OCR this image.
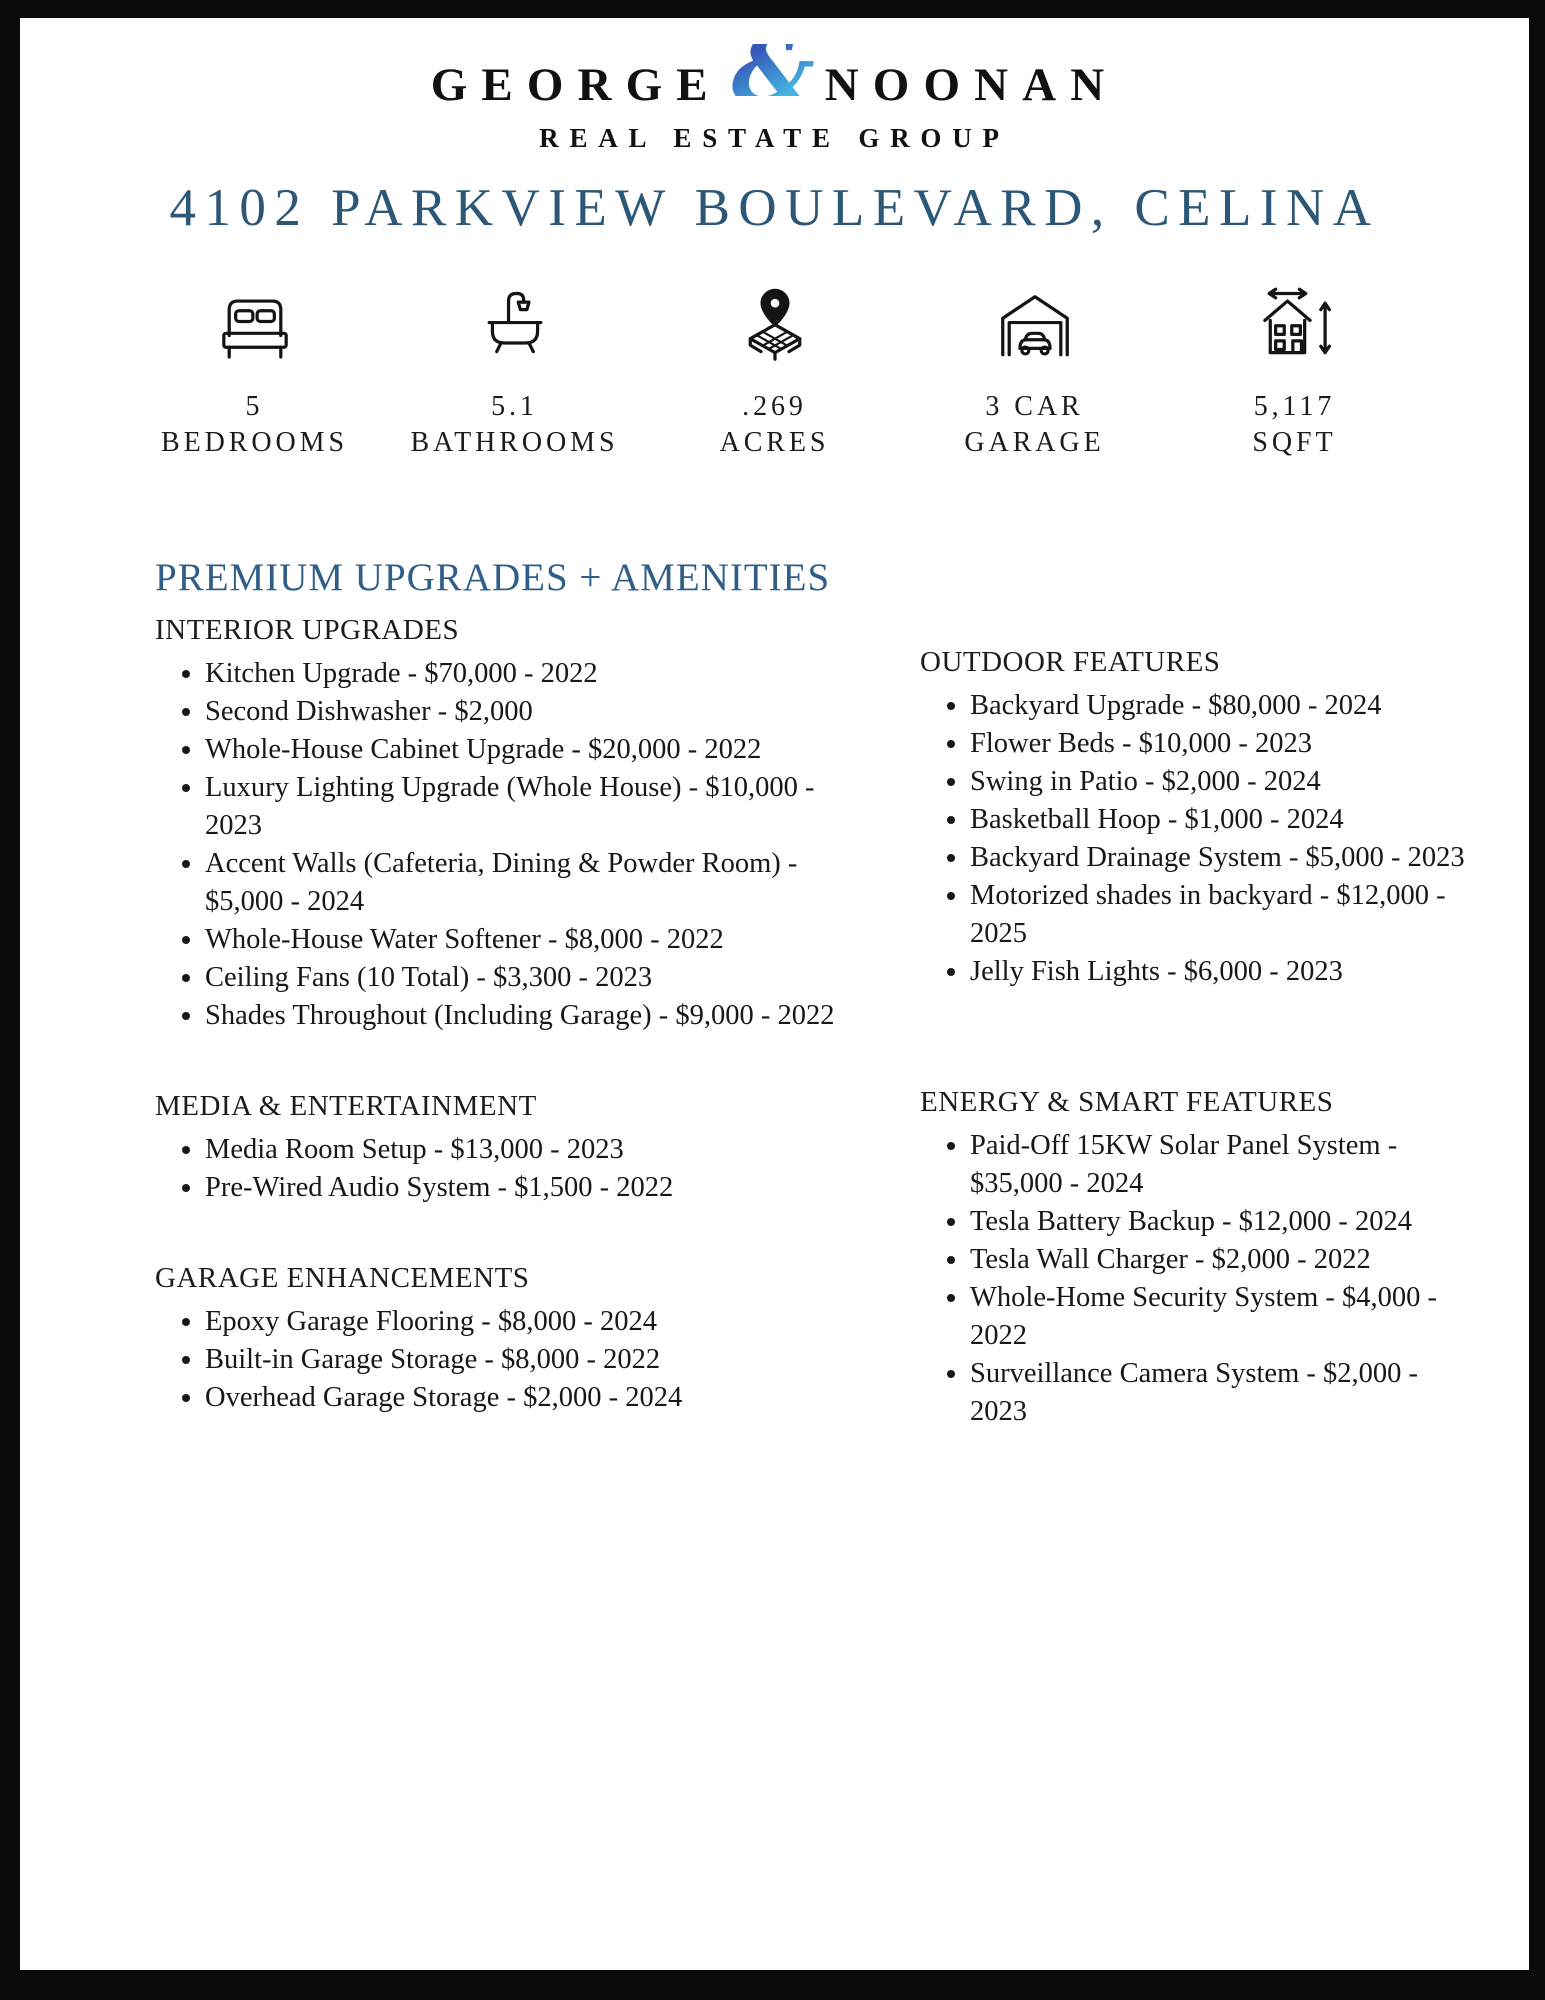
GEORGE & NOONAN
REAL ESTATE GROUP
4102 PARKVIEW BOULEVARD, CELINA
5
BEDROOMS
5.1
BATHROOMS
.269
ACRES
3 CAR
GARAGE
5,117
SQFT
PREMIUM UPGRADES + AMENITIES
INTERIOR UPGRADES
• Kitchen Upgrade - $70,000 - 2022
• Second Dishwasher - $2,000
• Whole-House Cabinet Upgrade - $20,000 - 2022
• Luxury Lighting Upgrade (Whole House) - $10,000 - 2023
• Accent Walls (Cafeteria, Dining & Powder Room) - $5,000 - 2024
• Whole-House Water Softener - $8,000 - 2022
• Ceiling Fans (10 Total) - $3,300 - 2023
• Shades Throughout (Including Garage) - $9,000 - 2022
MEDIA & ENTERTAINMENT
• Media Room Setup - $13,000 - 2023
• Pre-Wired Audio System - $1,500 - 2022
GARAGE ENHANCEMENTS
• Epoxy Garage Flooring - $8,000 - 2024
• Built-in Garage Storage - $8,000 - 2022
• Overhead Garage Storage - $2,000 - 2024
OUTDOOR FEATURES
• Backyard Upgrade - $80,000 - 2024
• Flower Beds - $10,000 - 2023
• Swing in Patio - $2,000 - 2024
• Basketball Hoop - $1,000 - 2024
• Backyard Drainage System - $5,000 - 2023
• Motorized shades in backyard - $12,000 - 2025
• Jelly Fish Lights - $6,000 - 2023
ENERGY & SMART FEATURES
• Paid-Off 15KW Solar Panel System - $35,000 - 2024
• Tesla Battery Backup - $12,000 - 2024
• Tesla Wall Charger - $2,000 - 2022
• Whole-Home Security System - $4,000 - 2022
• Surveillance Camera System - $2,000 - 2023
